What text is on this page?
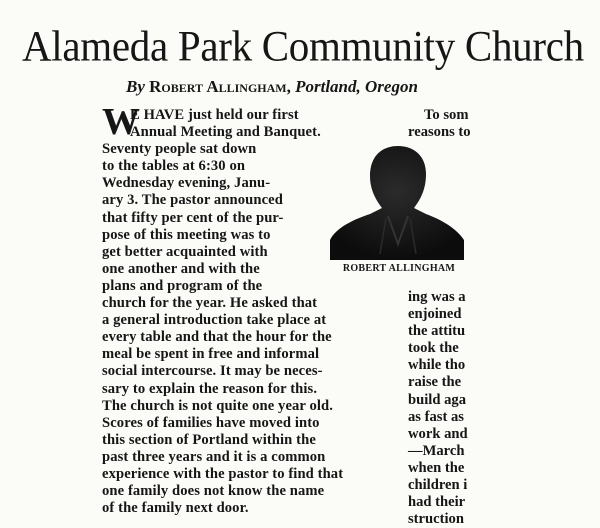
Alameda Park Community Church
By Robert Allingham, Portland, Oregon
W
E HAVE just held our first
Annual Meeting and Banquet.
Seventy people sat down
to the tables at 6:30 on
Wednesday evening, Janu-
ary 3. The pastor announced
that fifty per cent of the pur-
pose of this meeting was to
get better acquainted with
one another and with the
plans and program of the
church for the year. He asked that
a general introduction take place at
every table and that the hour for the
meal be spent in free and informal
social intercourse. It may be neces-
sary to explain the reason for this.
The church is not quite one year old.
Scores of families have moved into
this section of Portland within the
past three years and it is a common
experience with the pastor to find that
one family does not know the name
of the family next door.
To som
reasons to
ROBERT ALLINGHAM
ing was a
enjoined
the attitu
took the
while tho
raise the
build aga
as fast as
work and
—March
when the
children i
had their
struction
